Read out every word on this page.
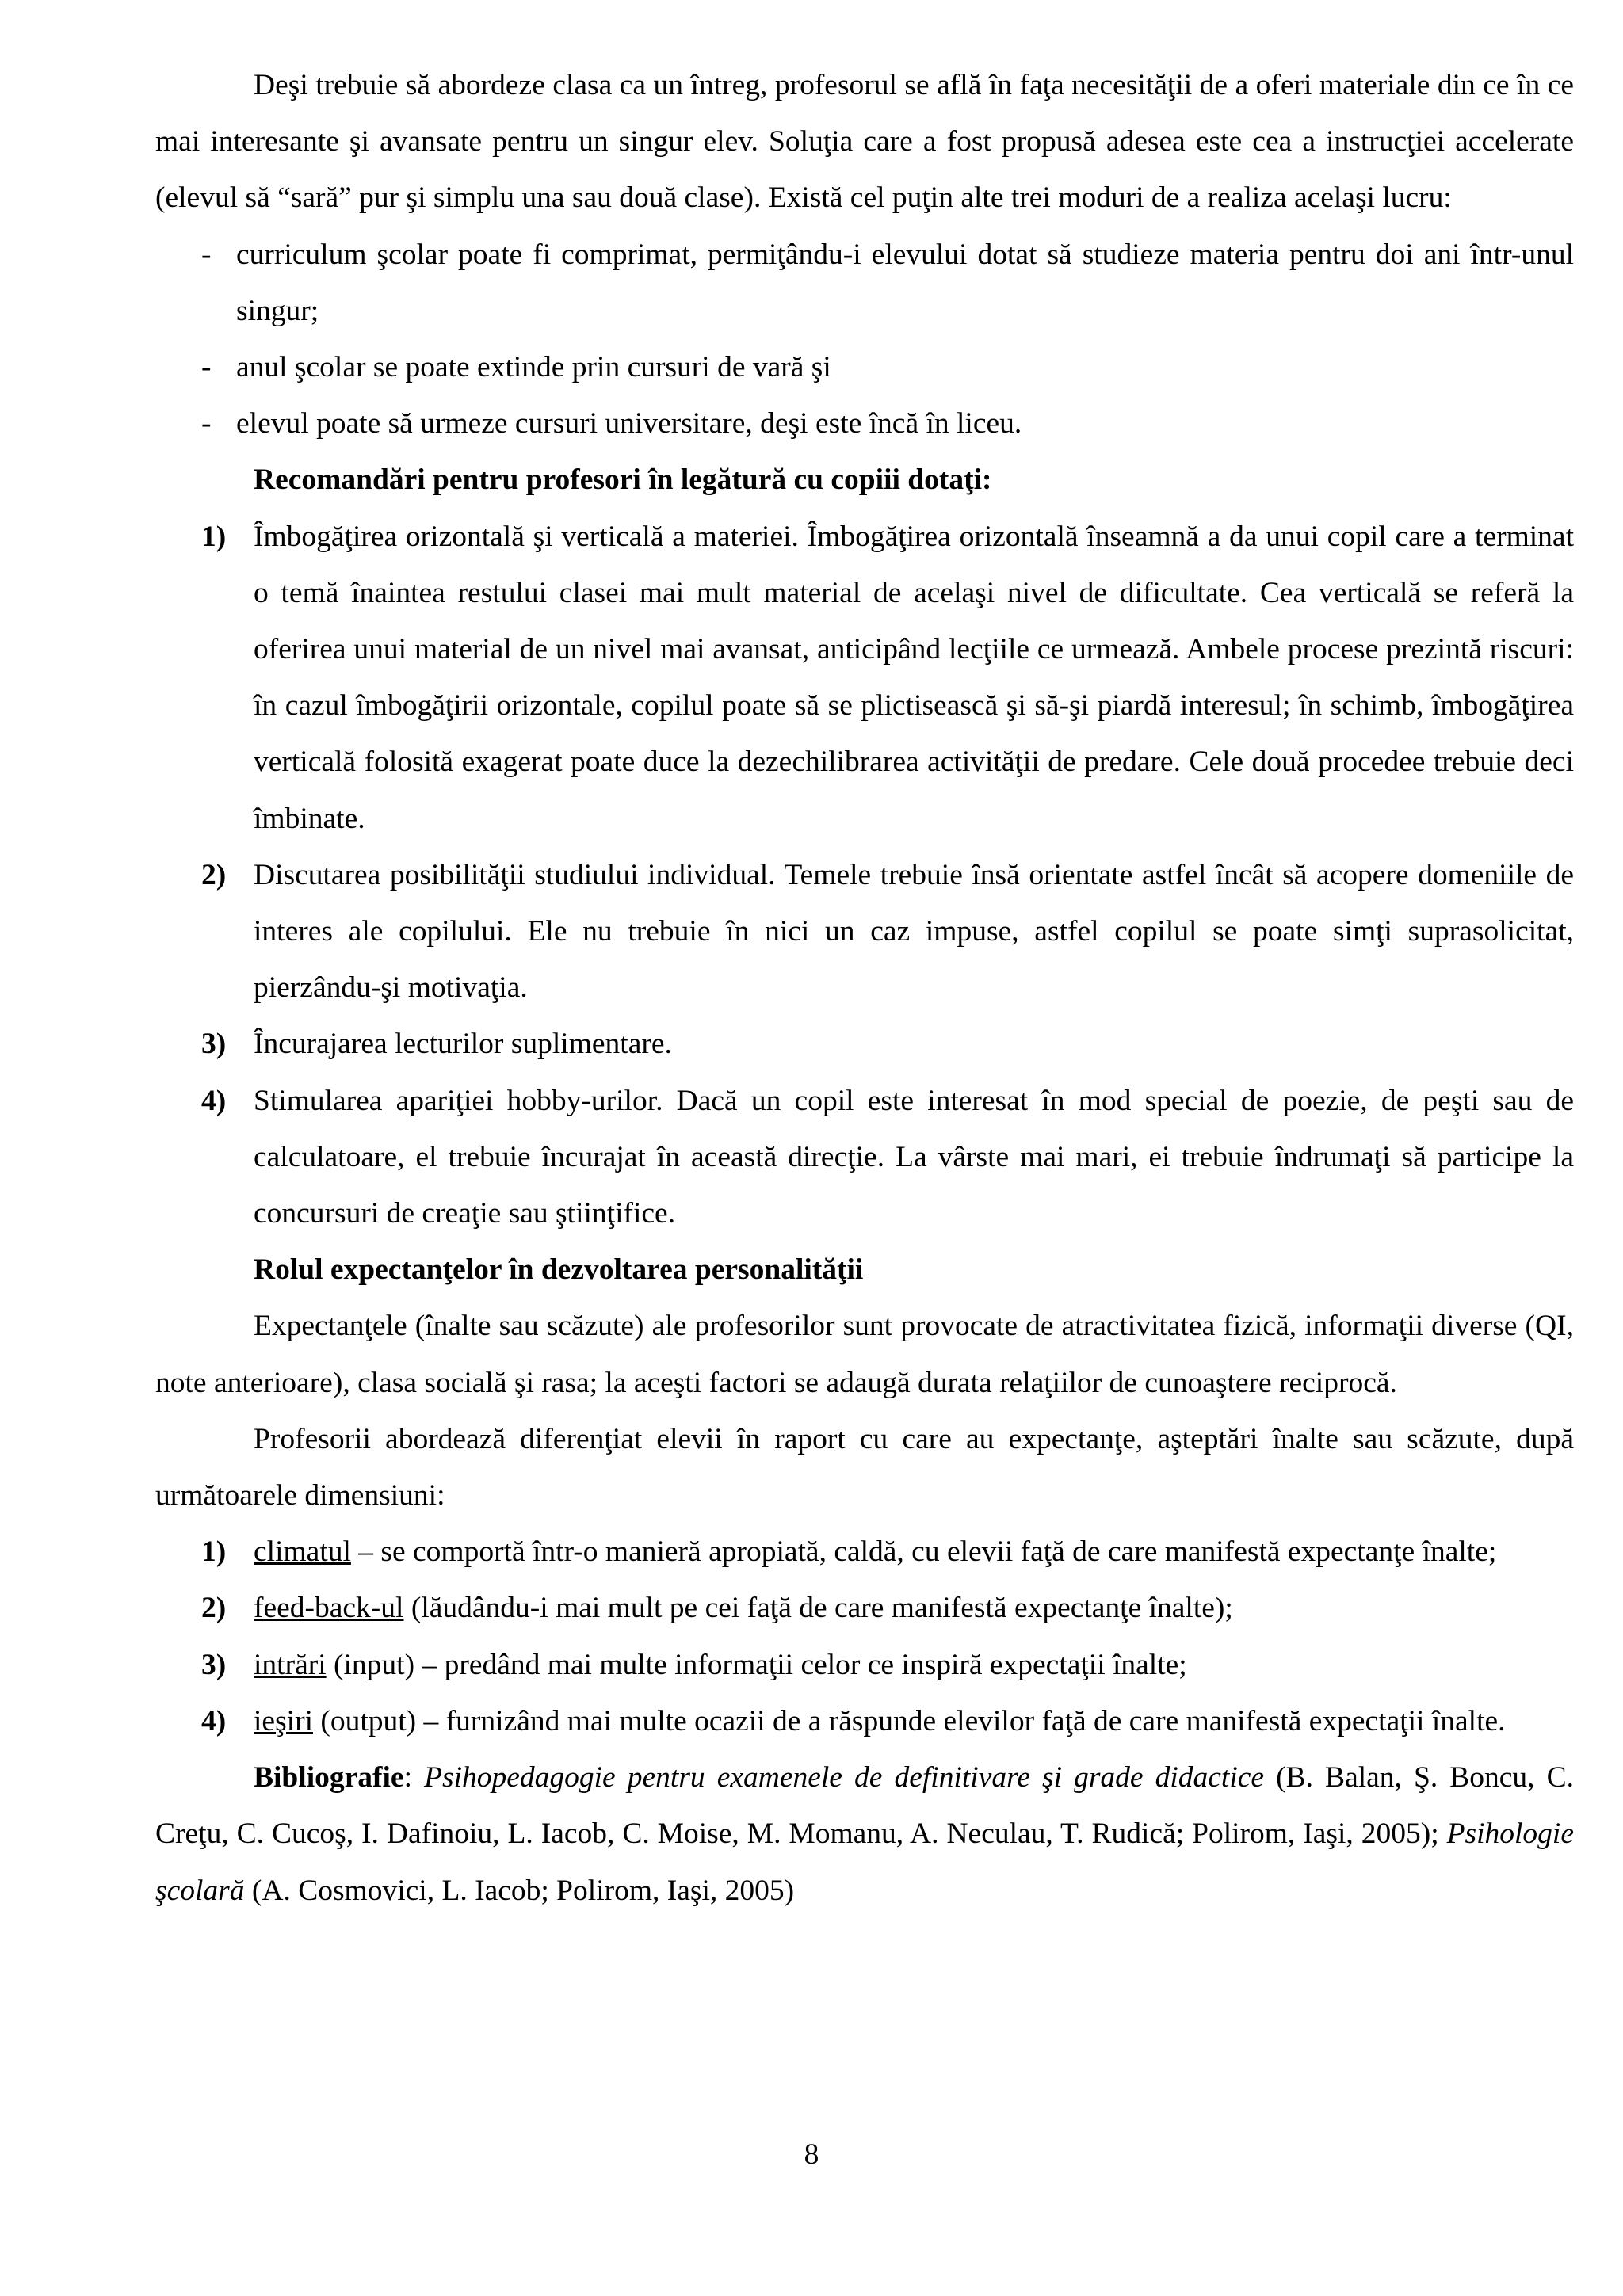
Deşi trebuie să abordeze clasa ca un întreg, profesorul se află în faţa necesităţii de a oferi materiale din ce în ce mai interesante şi avansate pentru un singur elev. Soluţia care a fost propusă adesea este cea a instrucţiei accelerate (elevul să “sară” pur şi simplu una sau două clase). Există cel puţin alte trei moduri de a realiza acelaşi lucru:

- curriculum şcolar poate fi comprimat, permiţându-i elevului dotat să studieze materia pentru doi ani într-unul singur;
- anul şcolar se poate extinde prin cursuri de vară şi
- elevul poate să urmeze cursuri universitare, deşi este încă în liceu.

Recomandări pentru profesori în legătură cu copiii dotaţi:

1) Îmbogăţirea orizontală şi verticală a materiei. Îmbogăţirea orizontală înseamnă a da unui copil care a terminat o temă înaintea restului clasei mai mult material de acelaşi nivel de dificultate. Cea verticală se referă la oferirea unui material de un nivel mai avansat, anticipând lecţiile ce urmează. Ambele procese prezintă riscuri: în cazul îmbogăţirii orizontale, copilul poate să se plictisească şi să-şi piardă interesul; în schimb, îmbogăţirea verticală folosită exagerat poate duce la dezechilibrarea activităţii de predare. Cele două procedee trebuie deci îmbinate.
2) Discutarea posibilităţii studiului individual. Temele trebuie însă orientate astfel încât să acopere domeniile de interes ale copilului. Ele nu trebuie în nici un caz impuse, astfel copilul se poate simţi suprasolicitat, pierzându-şi motivaţia.
3) Încurajarea lecturilor suplimentare.
4) Stimularea apariţiei hobby-urilor. Dacă un copil este interesat în mod special de poezie, de peşti sau de calculatoare, el trebuie încurajat în această direcţie. La vârste mai mari, ei trebuie îndrumaţi să participe la concursuri de creaţie sau ştiinţifice.

Rolul expectanţelor în dezvoltarea personalităţii

Expectanţele (înalte sau scăzute) ale profesorilor sunt provocate de atractivitatea fizică, informaţii diverse (QI, note anterioare), clasa socială şi rasa; la aceşti factori se adaugă durata relaţiilor de cunoaştere reciprocă.

Profesorii abordează diferenţiat elevii în raport cu care au expectanţe, aşteptări înalte sau scăzute, după următoarele dimensiuni:

1) climatul – se comportă într-o manieră apropiată, caldă, cu elevii faţă de care manifestă expectanţe înalte;
2) feed-back-ul (lăudându-i mai mult pe cei faţă de care manifestă expectanţe înalte);
3) intrări (input) – predând mai multe informaţii celor ce inspiră expectaţii înalte;
4) ieşiri (output) – furnizând mai multe ocazii de a răspunde elevilor faţă de care manifestă expectaţii înalte.

Bibliografie: Psihopedagogie pentru examenele de definitivare şi grade didactice (B. Balan, Ş. Boncu, C. Creţu, C. Cucoş, I. Dafinoiu, L. Iacob, C. Moise, M. Momanu, A. Neculau, T. Rudică; Polirom, Iaşi, 2005); Psihologie şcolară (A. Cosmovici, L. Iacob; Polirom, Iaşi, 2005)

8
